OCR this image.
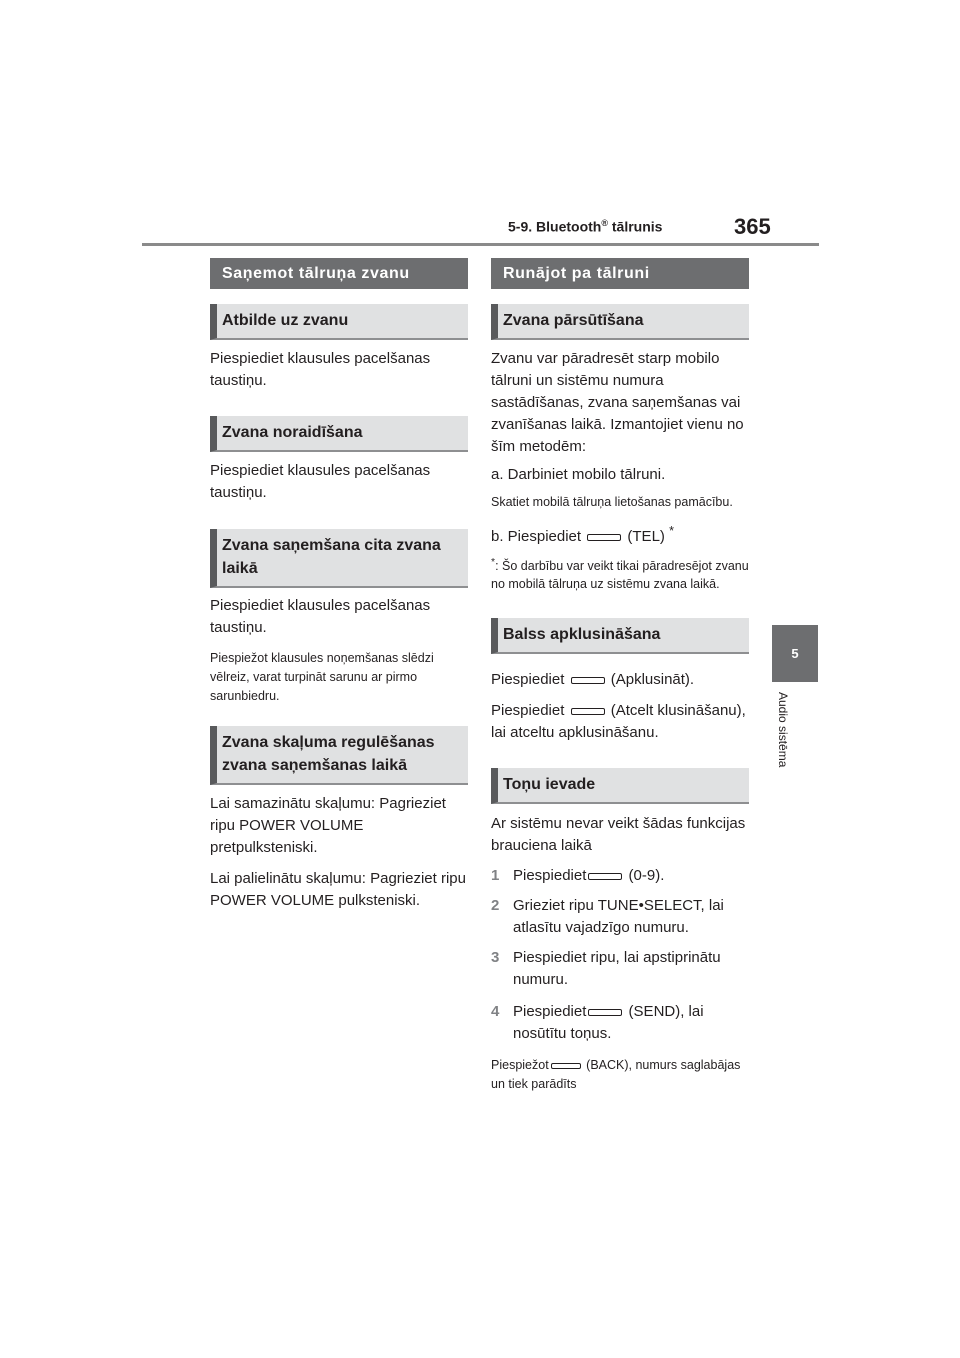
5-9. Bluetooth® tālrunis	365
5
Audio sistēma
Saņemot tālruņa zvanu
Atbilde uz zvanu

Piespiediet klausules pacelšanas taustiņu.

Zvana noraidīšana

Piespiediet klausules pacelšanas taustiņu.

Zvana saņemšana cita zvana laikā

Piespiediet klausules pacelšanas taustiņu.

Piespiežot klausules noņemšanas slēdzi vēlreiz, varat turpināt sarunu ar pirmo sarunbiedru.

Zvana skaļuma regulēšanas zvana saņemšanas laikā

Lai samazinātu skaļumu: Pagrieziet ripu POWER VOLUME pretpulksteniski.

Lai palielinātu skaļumu: Pagrieziet ripu POWER VOLUME pulksteniski.

Runājot pa tālruni
Zvana pārsūtīšana

Zvanu var pāradresēt starp mobilo tālruni un sistēmu numura sastādīšanas, zvana saņemšanas vai zvanīšanas laikā. Izmantojiet vienu no šīm metodēm:

a. Darbiniet mobilo tālruni.

Skatiet mobilā tālruņa lietošanas pamācību.

b. Piespiediet	(TEL) *

*: Šo darbību var veikt tikai pāradresējot zvanu no mobilā tālruņa uz sistēmu zvana laikā.

Balss apklusināšana

Piespiediet	(Apklusināt).

Piespiediet	(Atcelt klusināšanu), lai atceltu apklusināšanu.

Toņu ievade

Ar sistēmu nevar veikt šādas funkcijas brauciena laikā

1 Piespiediet	(0-9).

2 Grieziet ripu TUNE•SELECT, lai atlasītu vajadzīgo numuru.

3 Piespiediet ripu, lai apstiprinātu numuru.

4 Piespiediet	(SEND), lai nosūtītu toņus.

Piespiežot	(BACK), numurs saglabājas un tiek parādīts
